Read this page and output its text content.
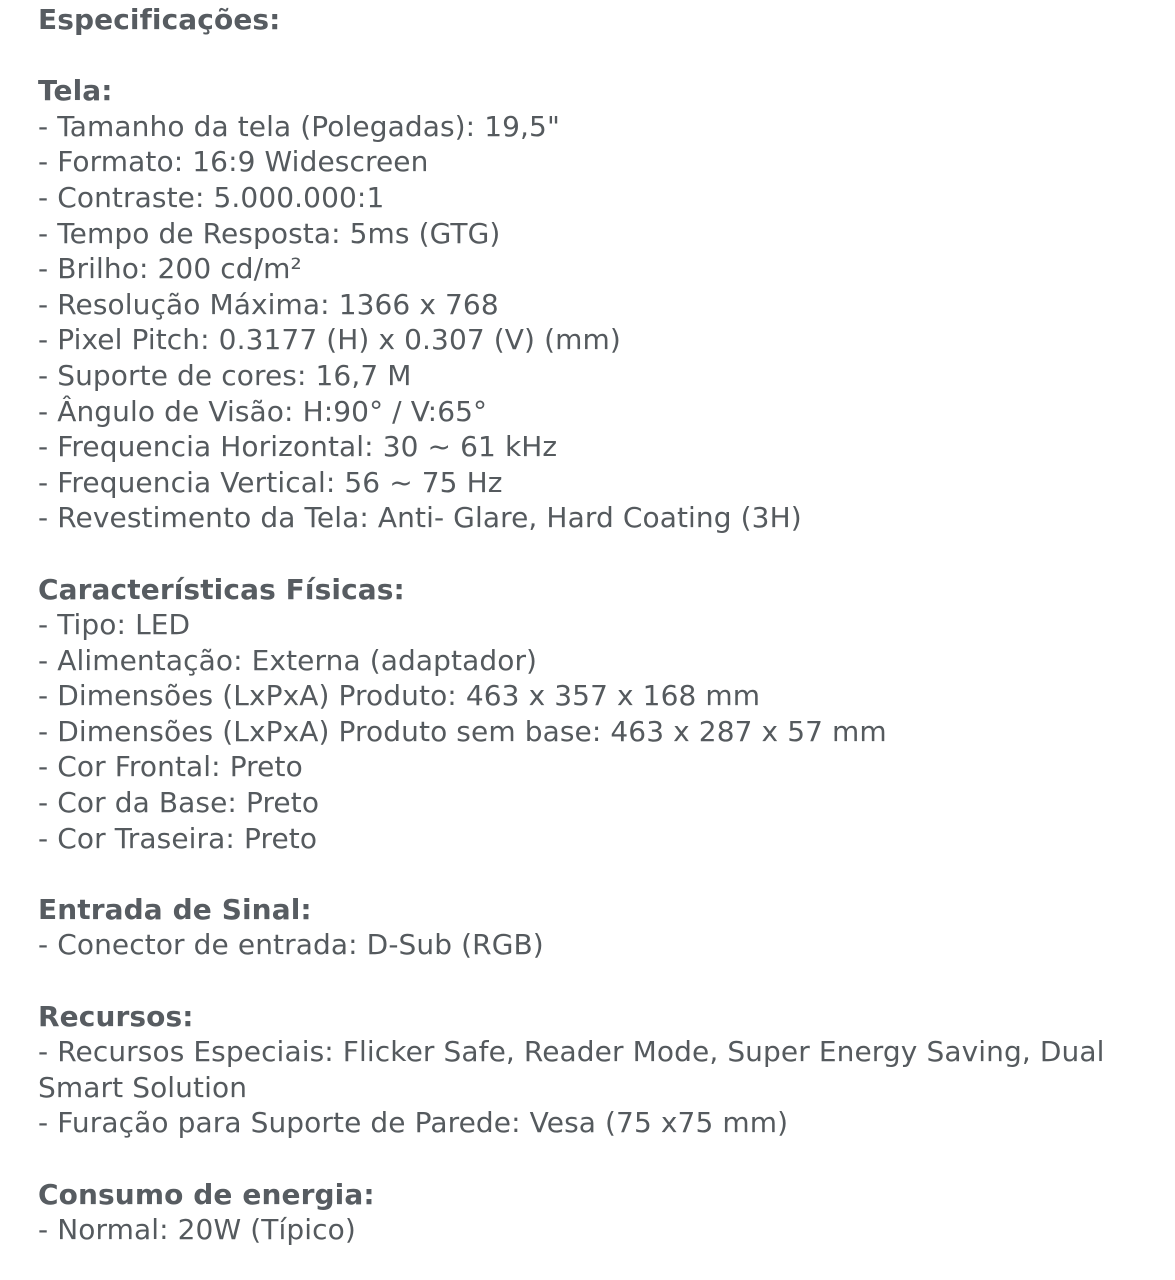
Especificações:
Tela:
- Tamanho da tela (Polegadas): 19,5"
- Formato: 16:9 Widescreen
- Contraste: 5.000.000:1
- Tempo de Resposta: 5ms (GTG)
- Brilho: 200 cd/m²
- Resolução Máxima: 1366 x 768
- Pixel Pitch: 0.3177 (H) x 0.307 (V) (mm)
- Suporte de cores: 16,7 M
- Ângulo de Visão: H:90° / V:65°
- Frequencia Horizontal: 30 ~ 61 kHz
- Frequencia Vertical: 56 ~ 75 Hz
- Revestimento da Tela: Anti- Glare, Hard Coating (3H)
Características Físicas:
- Tipo: LED
- Alimentação: Externa (adaptador)
- Dimensões (LxPxA) Produto: 463 x 357 x 168 mm
- Dimensões (LxPxA) Produto sem base: 463 x 287 x 57 mm
- Cor Frontal: Preto
- Cor da Base: Preto
- Cor Traseira: Preto
Entrada de Sinal:
- Conector de entrada: D-Sub (RGB)
Recursos:
- Recursos Especiais: Flicker Safe, Reader Mode, Super Energy Saving, Dual Smart Solution
- Furação para Suporte de Parede: Vesa (75 x75 mm)
Consumo de energia:
- Normal: 20W (Típico)
